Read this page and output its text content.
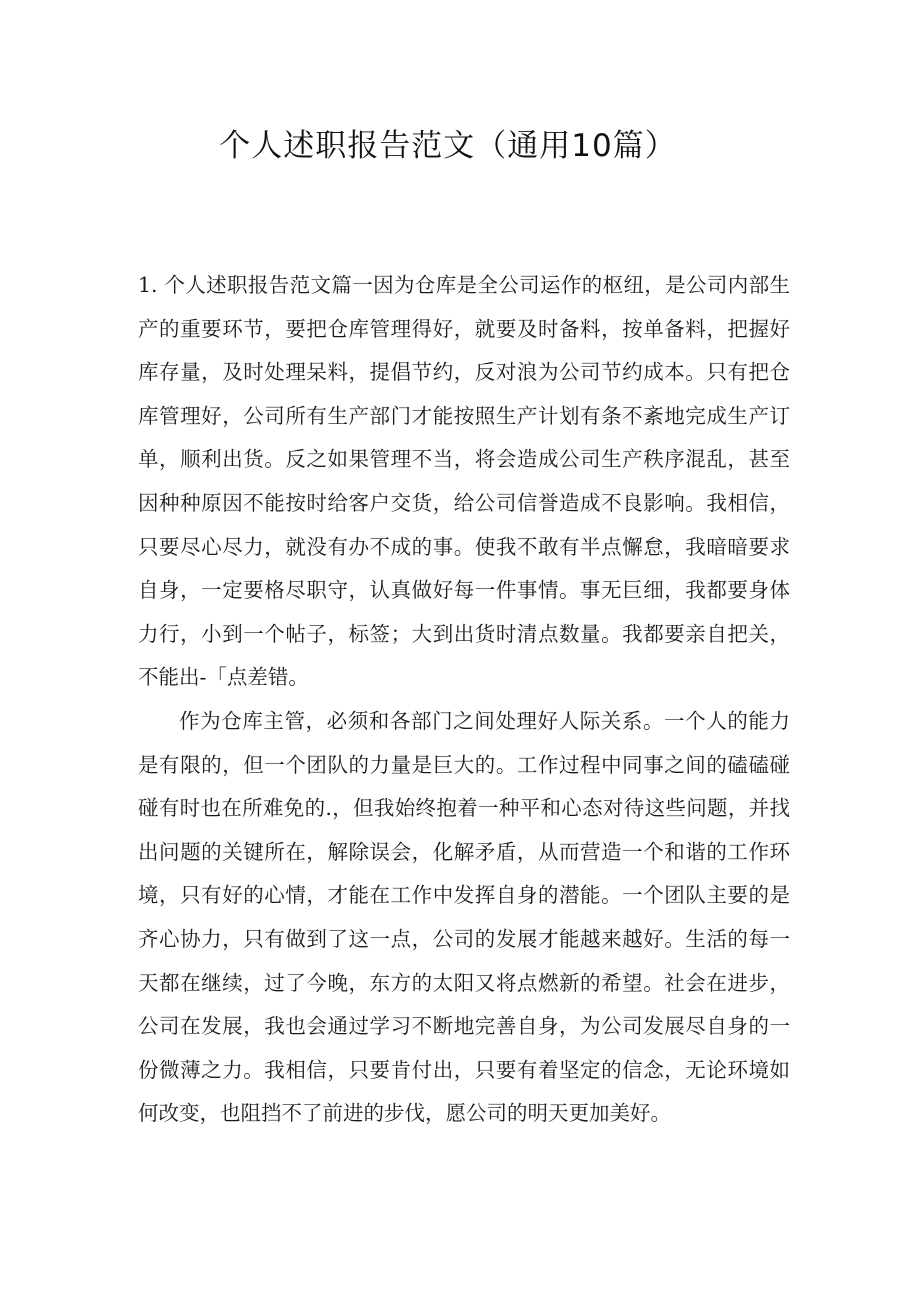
个人述职报告范文（通用10篇）

1. 个人述职报告范文篇一因为仓库是全公司运作的枢纽，是公司内部生产的重要环节，要把仓库管理得好，就要及时备料，按单备料，把握好库存量，及时处理呆料，提倡节约，反对浪为公司节约成本。只有把仓库管理好，公司所有生产部门才能按照生产计划有条不紊地完成生产订单，顺利出货。反之如果管理不当，将会造成公司生产秩序混乱，甚至因种种原因不能按时给客户交货，给公司信誉造成不良影响。我相信，只要尽心尽力，就没有办不成的事。使我不敢有半点懈怠，我暗暗要求自身，一定要格尽职守，认真做好每一件事情。事无巨细，我都要身体力行，小到一个帖子，标签；大到出货时清点数量。我都要亲自把关，不能出-「点差错。

作为仓库主管，必须和各部门之间处理好人际关系。一个人的能力是有限的，但一个团队的力量是巨大的。工作过程中同事之间的磕磕碰碰有时也在所难免的.，但我始终抱着一种平和心态对待这些问题，并找出问题的关键所在，解除误会，化解矛盾，从而营造一个和谐的工作环境，只有好的心情，才能在工作中发挥自身的潜能。一个团队主要的是齐心协力，只有做到了这一点，公司的发展才能越来越好。生活的每一天都在继续，过了今晚，东方的太阳又将点燃新的希望。社会在进步，公司在发展，我也会通过学习不断地完善自身，为公司发展尽自身的一份微薄之力。我相信，只要肯付出，只要有着坚定的信念，无论环境如何改变，也阻挡不了前进的步伐，愿公司的明天更加美好。
